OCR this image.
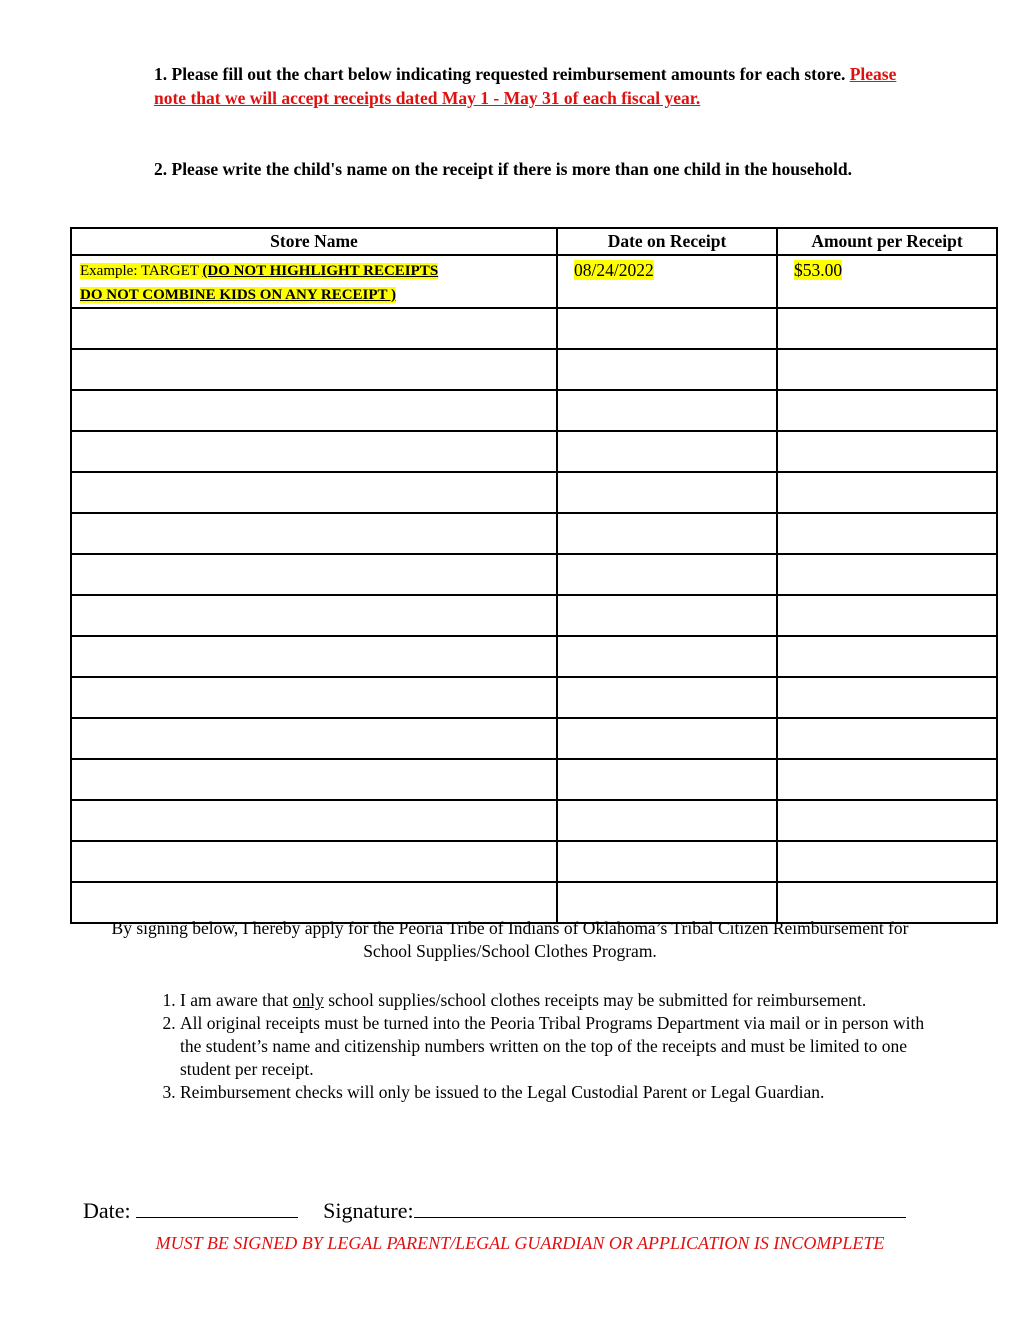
1. Please fill out the chart below indicating requested reimbursement amounts for each store. Please note that we will accept receipts dated May 1 - May 31 of each fiscal year.
2. Please write the child's name on the receipt if there is more than one child in the household.
Store Name	Date on Receipt	Amount per Receipt

Example: TARGET (DO NOT HIGHLIGHT RECEIPTS
DO NOT COMBINE KIDS ON ANY RECEIPT )	08/24/2022	$53.00

By signing below, I hereby apply for the Peoria Tribe of Indians of Oklahoma’s Tribal Citizen Reimbursement for School Supplies/School Clothes Program.
1. I am aware that only school supplies/school clothes receipts may be submitted for reimbursement.
2. All original receipts must be turned into the Peoria Tribal Programs Department via mail or in person with the student’s name and citizenship numbers written on the top of the receipts and must be limited to one student per receipt.
3. Reimbursement checks will only be issued to the Legal Custodial Parent or Legal Guardian.
Date:	Signature:
MUST BE SIGNED BY LEGAL PARENT/LEGAL GUARDIAN OR APPLICATION IS INCOMPLETE
